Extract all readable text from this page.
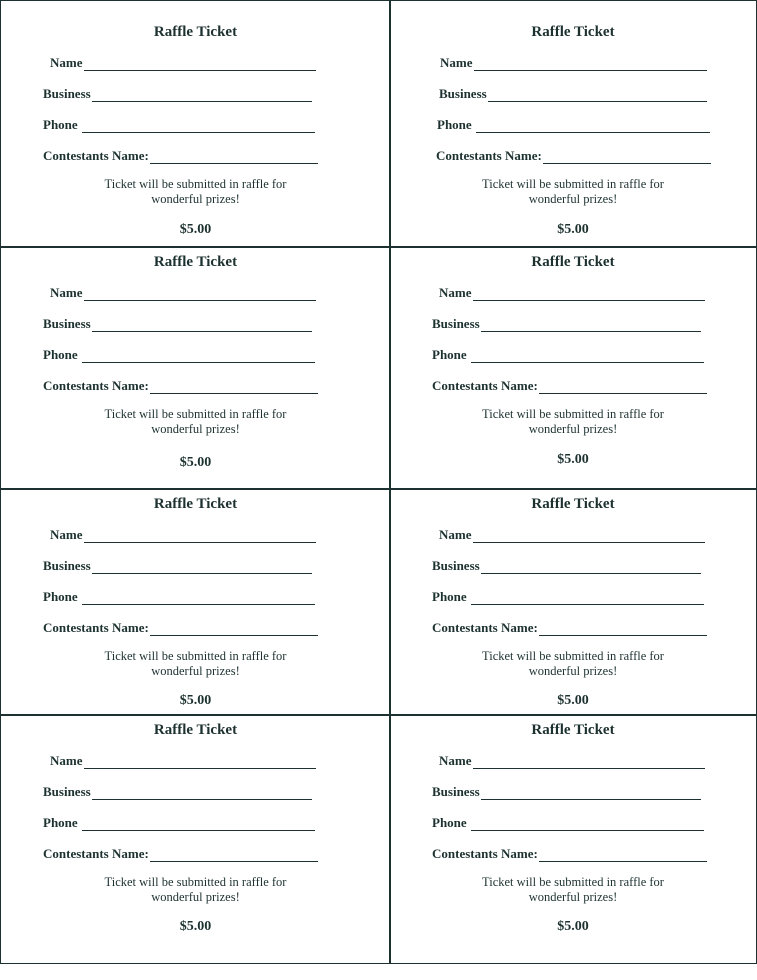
Raffle Ticket
Name
Business
Phone
Contestants Name:
Ticket will be submitted in raffle for
wonderful prizes!
$5.00
Raffle Ticket
Name
Business
Phone
Contestants Name:
Ticket will be submitted in raffle for
wonderful prizes!
$5.00
Raffle Ticket
Name
Business
Phone
Contestants Name:
Ticket will be submitted in raffle for
wonderful prizes!
$5.00
Raffle Ticket
Name
Business
Phone
Contestants Name:
Ticket will be submitted in raffle for
wonderful prizes!
$5.00
Raffle Ticket
Name
Business
Phone
Contestants Name:
Ticket will be submitted in raffle for
wonderful prizes!
$5.00
Raffle Ticket
Name
Business
Phone
Contestants Name:
Ticket will be submitted in raffle for
wonderful prizes!
$5.00
Raffle Ticket
Name
Business
Phone
Contestants Name:
Ticket will be submitted in raffle for
wonderful prizes!
$5.00
Raffle Ticket
Name
Business
Phone
Contestants Name:
Ticket will be submitted in raffle for
wonderful prizes!
$5.00
